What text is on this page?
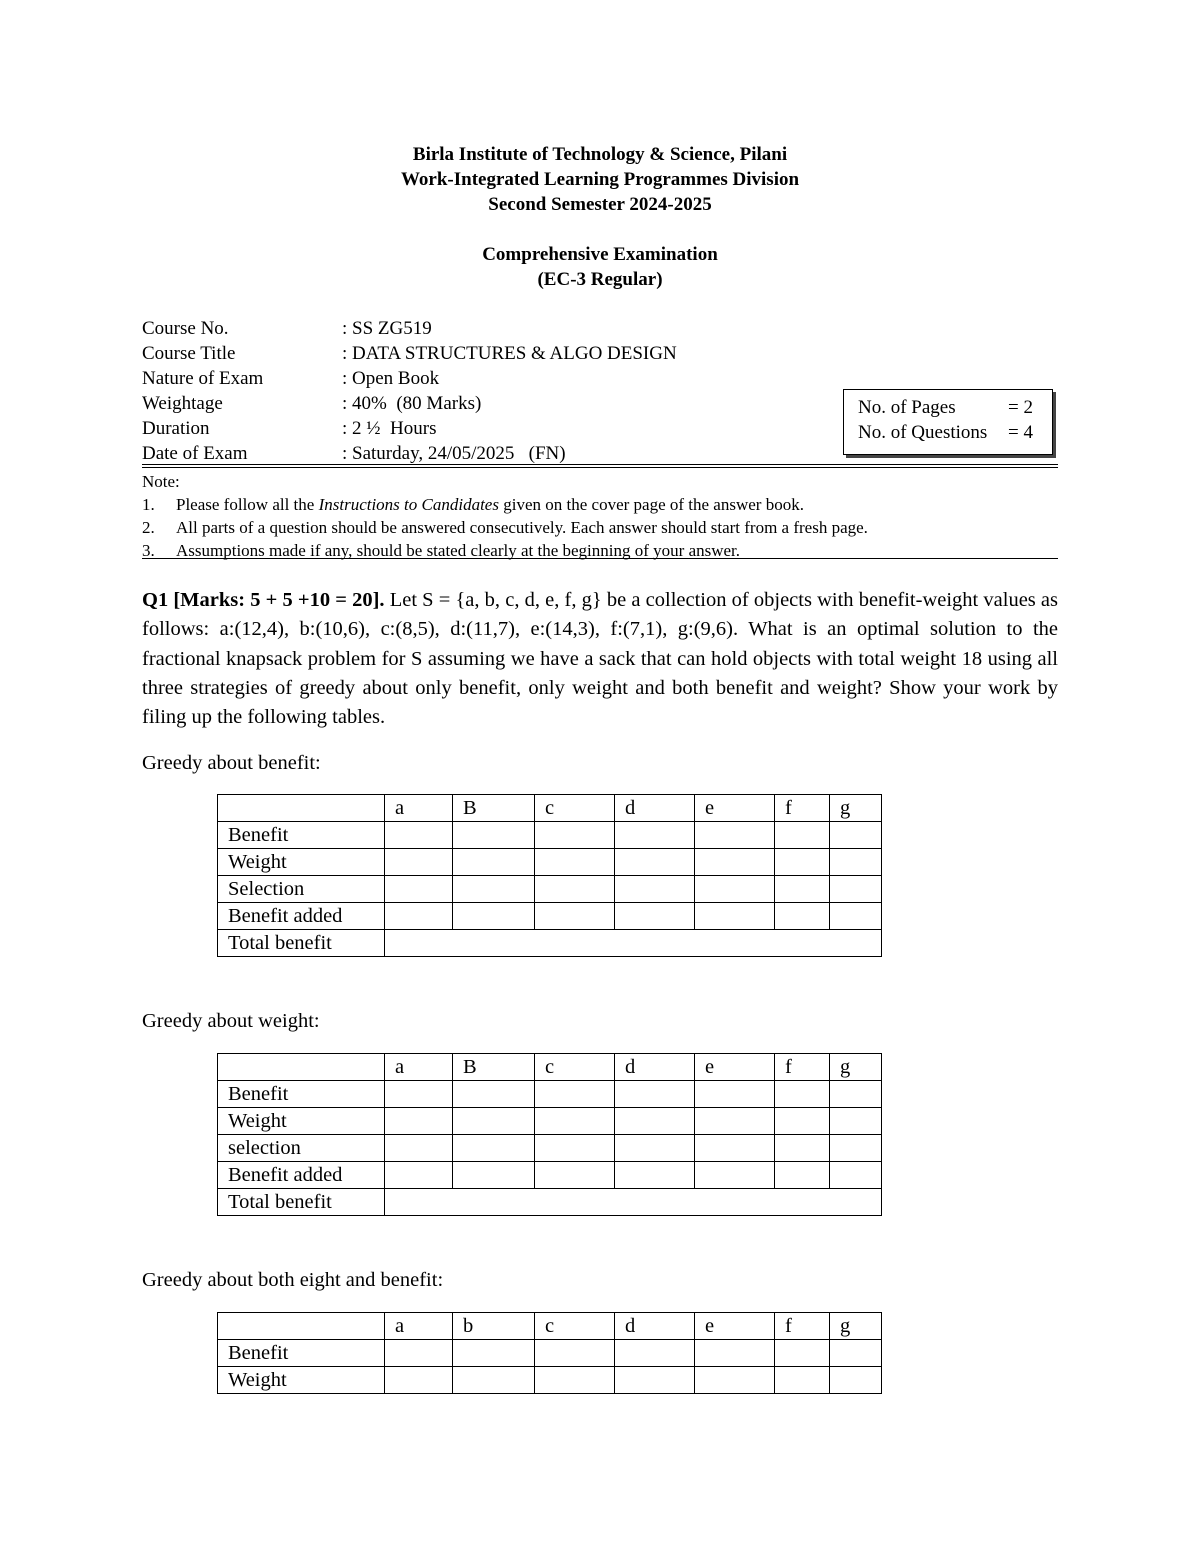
Birla Institute of Technology & Science, Pilani
Work-Integrated Learning Programmes Division
Second Semester 2024-2025
Comprehensive Examination
(EC-3 Regular)
Course No.	: SS ZG519
Course Title	: DATA STRUCTURES & ALGO DESIGN
Nature of Exam	: Open Book
Weightage	: 40%  (80 Marks)
Duration	: 2 ½  Hours
Date of Exam	: Saturday, 24/05/2025   (FN)
No. of Pages	= 2
No. of Questions	= 4
Note:
1.	Please follow all the Instructions to Candidates given on the cover page of the answer book.
2.	All parts of a question should be answered consecutively. Each answer should start from a fresh page.
3.	Assumptions made if any, should be stated clearly at the beginning of your answer.
Q1 [Marks: 5 + 5 +10 = 20]. Let S = {a, b, c, d, e, f, g} be a collection of objects with benefit-weight values as follows: a:(12,4), b:(10,6), c:(8,5), d:(11,7), e:(14,3), f:(7,1), g:(9,6). What is an optimal solution to the fractional knapsack problem for S assuming we have a sack that can hold objects with total weight 18 using all three strategies of greedy about only benefit, only weight and both benefit and weight? Show your work by filing up the following tables.
Greedy about benefit:
	a	B	c	d	e	f	g
Benefit							
Weight							
Selection							
Benefit added							
Total benefit							
Greedy about weight:
	a	B	c	d	e	f	g
Benefit							
Weight							
selection							
Benefit added							
Total benefit							
Greedy about both eight and benefit:
	a	b	c	d	e	f	g
Benefit							
Weight							
